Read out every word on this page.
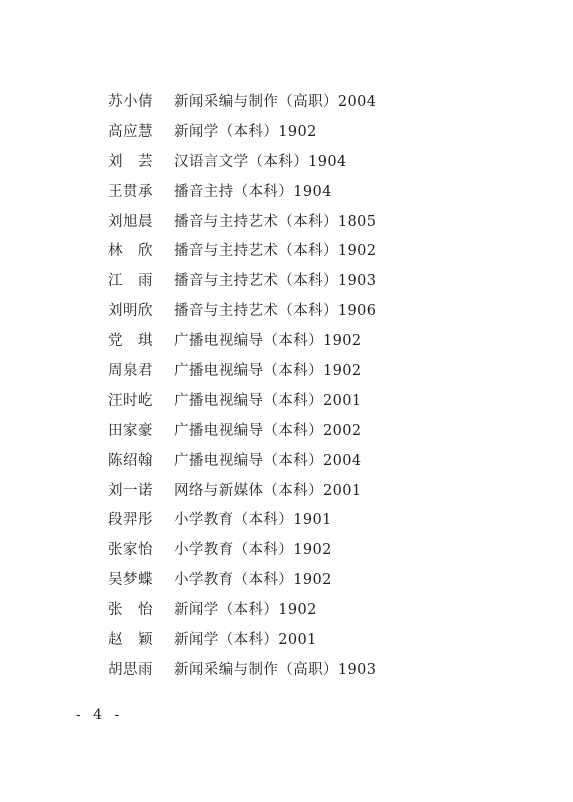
苏小倩	新闻采编与制作（高职）2004
高应慧	新闻学（本科）1902
刘　芸	汉语言文学（本科）1904
王贯承	播音主持（本科）1904
刘旭晨	播音与主持艺术（本科）1805
林　欣	播音与主持艺术（本科）1902
江　雨	播音与主持艺术（本科）1903
刘明欣	播音与主持艺术（本科）1906
党　琪	广播电视编导（本科）1902
周泉君	广播电视编导（本科）1902
汪时屹	广播电视编导（本科）2001
田家豪	广播电视编导（本科）2002
陈绍翰	广播电视编导（本科）2004
刘一诺	网络与新媒体（本科）2001
段羿彤	小学教育（本科）1901
张家怡	小学教育（本科）1902
吴梦蝶	小学教育（本科）1902
张　怡	新闻学（本科）1902
赵　颖	新闻学（本科）2001
胡思雨	新闻采编与制作（高职）1903
- 4 -
